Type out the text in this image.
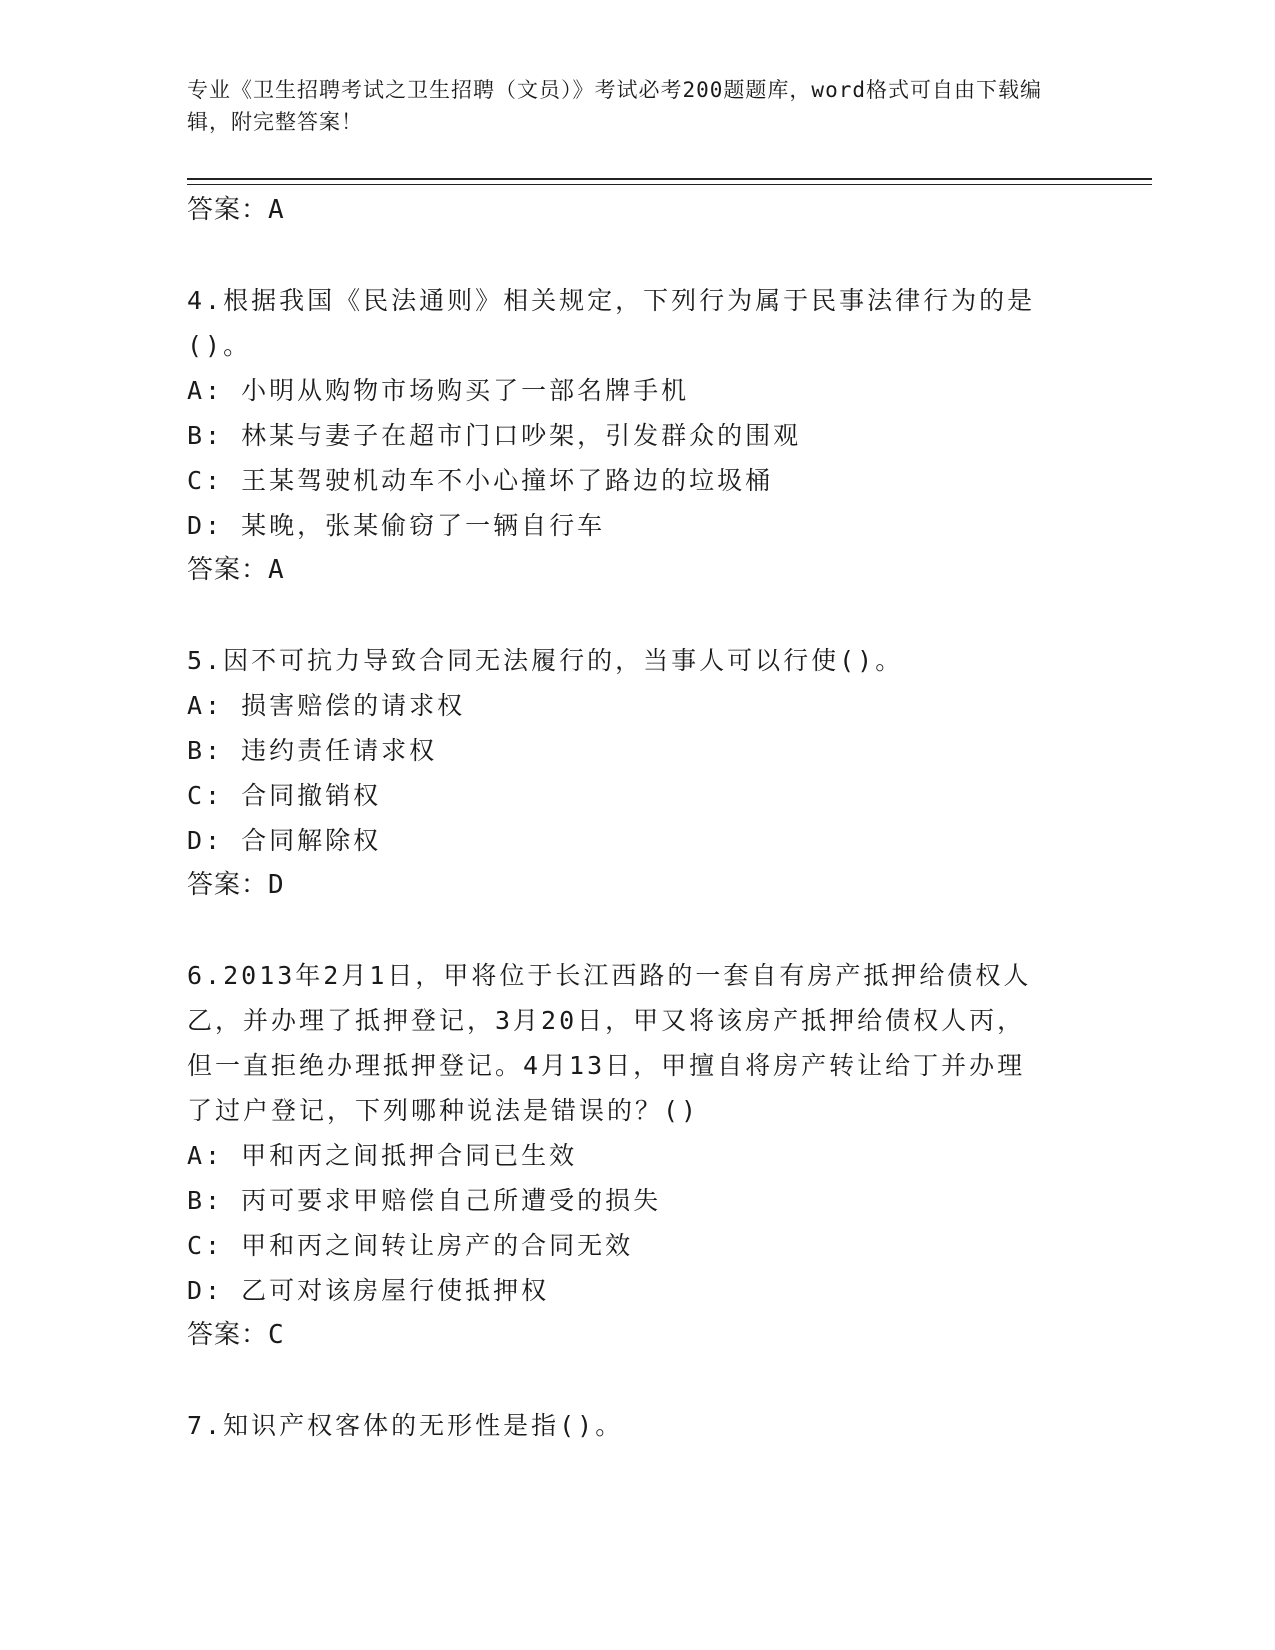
专业《卫生招聘考试之卫生招聘（文员）》考试必考200题题库，word格式可自由下载编辑，附完整答案！
答案：A
4.根据我国《民法通则》相关规定，下列行为属于民事法律行为的是
()。
A: 小明从购物市场购买了一部名牌手机
B: 林某与妻子在超市门口吵架，引发群众的围观
C: 王某驾驶机动车不小心撞坏了路边的垃圾桶
D: 某晚，张某偷窃了一辆自行车
答案：A
5.因不可抗力导致合同无法履行的，当事人可以行使()。
A: 损害赔偿的请求权
B: 违约责任请求权
C: 合同撤销权
D: 合同解除权
答案：D
6.2013年2月1日，甲将位于长江西路的一套自有房产抵押给债权人
乙，并办理了抵押登记，3月20日，甲又将该房产抵押给债权人丙，
但一直拒绝办理抵押登记。4月13日，甲擅自将房产转让给丁并办理
了过户登记，下列哪种说法是错误的？()
A: 甲和丙之间抵押合同已生效
B: 丙可要求甲赔偿自己所遭受的损失
C: 甲和丙之间转让房产的合同无效
D: 乙可对该房屋行使抵押权
答案：C
7.知识产权客体的无形性是指()。
